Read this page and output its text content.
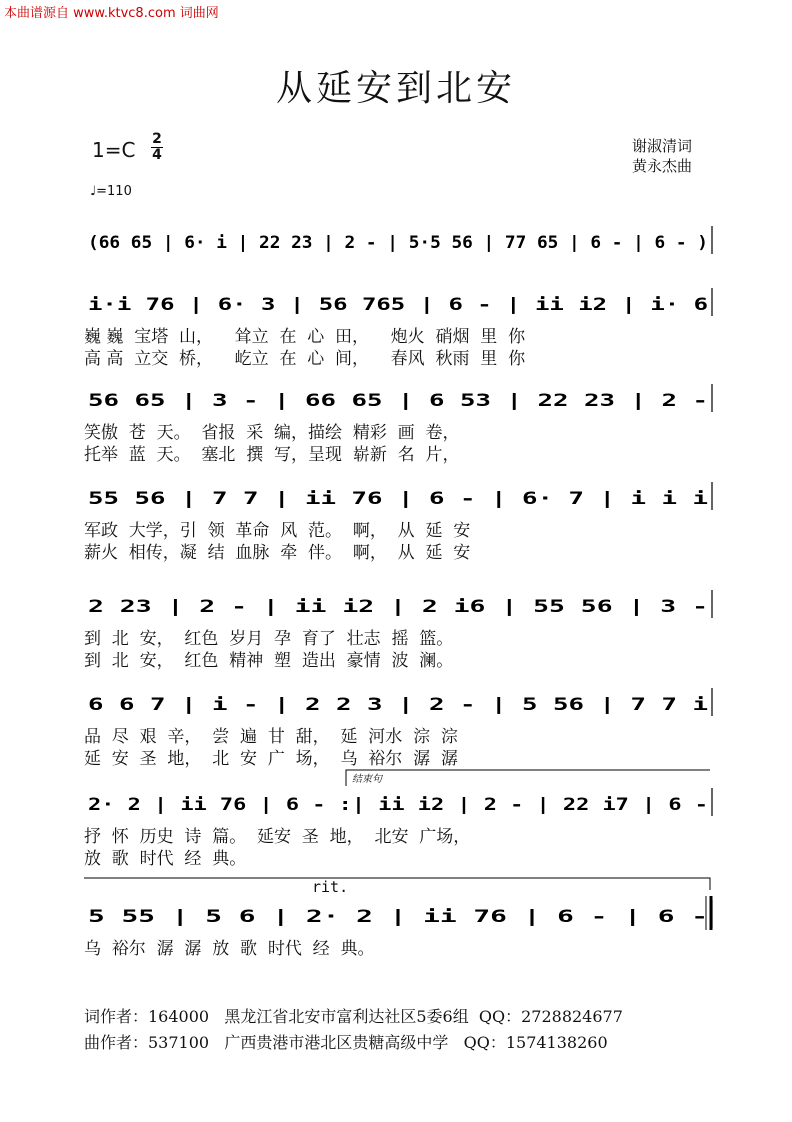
本曲谱源自 www.ktvc8.com 词曲网
从延安到北安
1=C 2
4	谢淑清词
黄永杰曲
♩=110
(66 65 | 6· i | 22 23 | 2 - | 5·5 56 | 77 65 | 6 - | 6 - )
i·i 76 | 6· 3 | 56 765 | 6 - | ii i2 | i· 6
56 65 | 3 - | 66 65 | 6 53 | 22 23 | 2 -
55 56 | 7 7 | ii 76 | 6 - | 6· 7 | i i i
2 23 | 2 - | ii i2 | 2 i6 | 55 56 | 3 -
6 6 7 | i - | 2 2 3 | 2 - | 5 56 | 7 7 i
2· 2 | ii 76 | 6 - :| ii i2 | 2 - | 22 i7 | 6 -
5 55 | 5 6 | 2· 2 | ii 76 | 6 - | 6 -
巍 巍  宝塔  山，    耸立  在  心  田，    炮火  硝烟  里  你
高 高  立交  桥，    屹立  在  心  间，    春风  秋雨  里  你
笑傲  苍  天。  省报  采  编，描绘  精彩  画  卷，
托举  蓝  天。  塞北  撰  写，呈现  崭新  名  片，
军政  大学，引  领  革命  风  范。  啊，  从  延  安
薪火  相传，凝  结  血脉  牵  伴。  啊，  从  延  安
到  北  安，  红色  岁月  孕  育了  壮志  摇  篮。
到  北  安，  红色  精神  塑  造出  豪情  波  澜。
品  尽  艰  辛，  尝  遍  甘  甜，  延  河水  淙  淙
延  安  圣  地，  北  安  广  场，  乌  裕尔  潺  潺
抒  怀  历史  诗  篇。  延安  圣  地，  北安  广场，
放  歌  时代  经  典。
乌  裕尔  潺  潺  放  歌  时代  经  典。
结束句
rit.
词作者：164000   黑龙江省北安市富利达社区5委6组  QQ：2728824677
曲作者：537100   广西贵港市港北区贵糖高级中学   QQ：1574138260
